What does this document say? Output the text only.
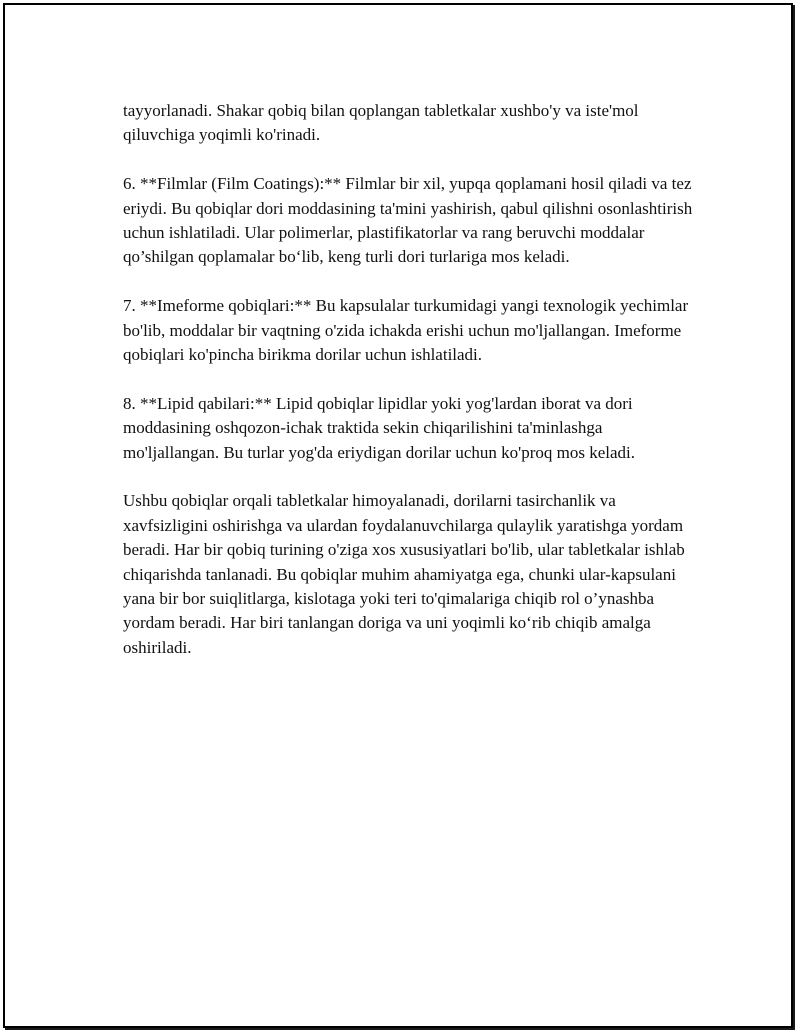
tayyorlanadi. Shakar qobiq bilan qoplangan tabletkalar xushbo'y va iste'mol qiluvchiga yoqimli ko'rinadi.

6. **Filmlar (Film Coatings):** Filmlar bir xil, yupqa qoplamani hosil qiladi va tez eriydi. Bu qobiqlar dori moddasining ta'mini yashirish, qabul qilishni osonlashtirish uchun ishlatiladi. Ular polimerlar, plastifikatorlar va rang beruvchi moddalar qo’shilgan qoplamalar bo‘lib, keng turli dori turlariga mos keladi.

7. **Imeforme qobiqlari:** Bu kapsulalar turkumidagi yangi texnologik yechimlar bo'lib, moddalar bir vaqtning o'zida ichakda erishi uchun mo'ljallangan. Imeforme qobiqlari ko'pincha birikma dorilar uchun ishlatiladi.

8. **Lipid qabilari:** Lipid qobiqlar lipidlar yoki yog'lardan iborat va dori moddasining oshqozon-ichak traktida sekin chiqarilishini ta'minlashga mo'ljallangan. Bu turlar yog'da eriydigan dorilar uchun ko'proq mos keladi.

Ushbu qobiqlar orqali tabletkalar himoyalanadi, dorilarni tasirchanlik va xavfsizligini oshirishga va ulardan foydalanuvchilarga qulaylik yaratishga yordam beradi. Har bir qobiq turining o'ziga xos xususiyatlari bo'lib, ular tabletkalar ishlab chiqarishda tanlanadi. Bu qobiqlar muhim ahamiyatga ega, chunki ular-kapsulani yana bir bor suiqlitlarga, kislotaga yoki teri to'qimalariga chiqib rol o’ynashba yordam beradi. Har biri tanlangan doriga va uni yoqimli ko‘rib chiqib amalga oshiriladi.
